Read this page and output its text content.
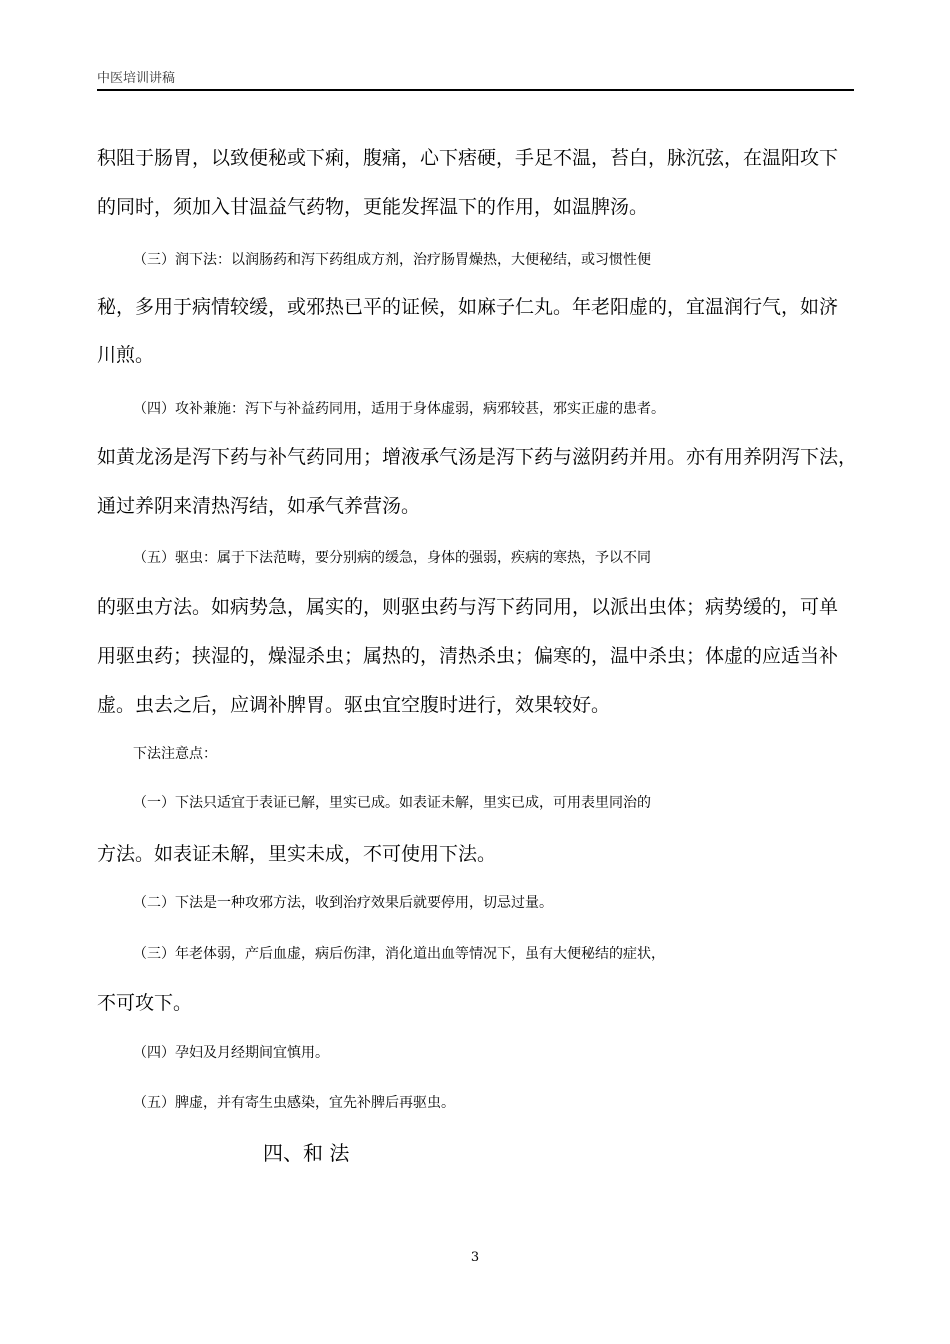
中医培训讲稿
积阻于肠胃，以致便秘或下痢，腹痛，心下痞硬，手足不温，苔白，脉沉弦，在温阳攻下
的同时，须加入甘温益气药物，更能发挥温下的作用，如温脾汤。
（三）润下法：以润肠药和泻下药组成方剂，治疗肠胃燥热，大便秘结，或习惯性便
秘，多用于病情较缓，或邪热已平的证候，如麻子仁丸。年老阳虚的，宜温润行气，如济
川煎。
（四）攻补兼施：泻下与补益药同用，适用于身体虚弱，病邪较甚，邪实正虚的患者。
如黄龙汤是泻下药与补气药同用；增液承气汤是泻下药与滋阴药并用。亦有用养阴泻下法，
通过养阴来清热泻结，如承气养营汤。
（五）驱虫：属于下法范畴，要分别病的缓急，身体的强弱，疾病的寒热，予以不同
的驱虫方法。如病势急，属实的，则驱虫药与泻下药同用，以派出虫体；病势缓的，可单
用驱虫药；挟湿的，燥湿杀虫；属热的，清热杀虫；偏寒的，温中杀虫；体虚的应适当补
虚。虫去之后，应调补脾胃。驱虫宜空腹时进行，效果较好。
下法注意点：
（一）下法只适宜于表证已解，里实已成。如表证未解，里实已成，可用表里同治的
方法。如表证未解，里实未成，不可使用下法。
（二）下法是一种攻邪方法，收到治疗效果后就要停用，切忌过量。
（三）年老体弱，产后血虚，病后伤津，消化道出血等情况下，虽有大便秘结的症状，
不可攻下。
（四）孕妇及月经期间宜慎用。
（五）脾虚，并有寄生虫感染，宜先补脾后再驱虫。
四、和 法
3
